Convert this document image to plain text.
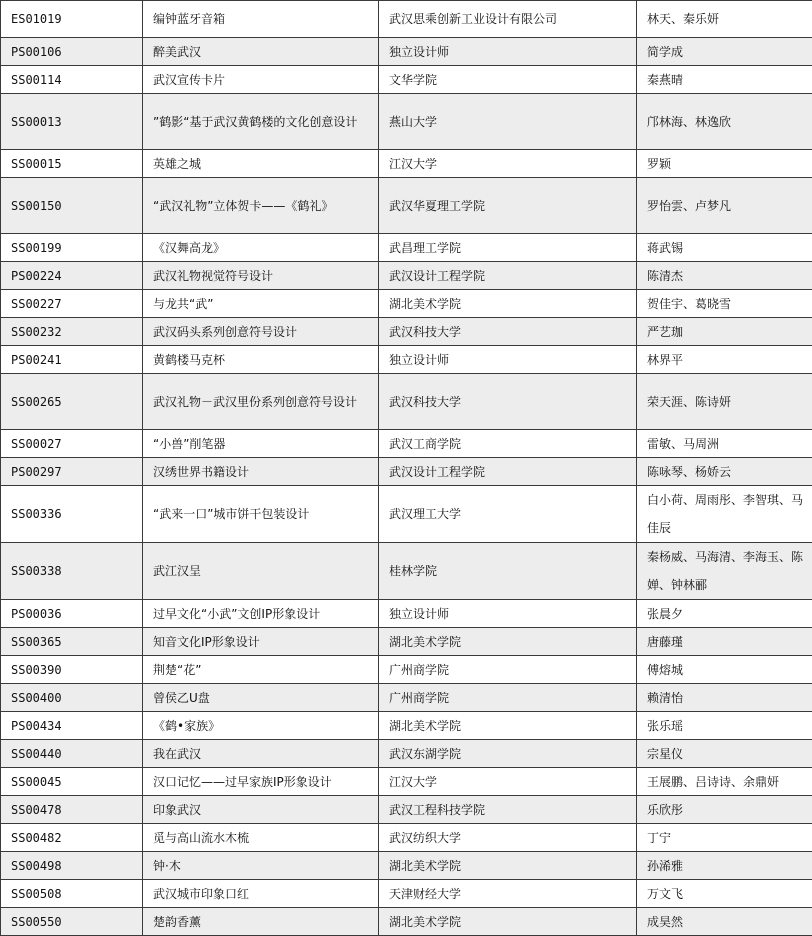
ES01019	编钟蓝牙音箱	武汉思乘创新工业设计有限公司	林天、秦乐妍
PS00106	醉美武汉	独立设计师	简学成
SS00114	武汉宣传卡片	文华学院	秦燕晴
SS00013	”鹤影“基于武汉黄鹤楼的文化创意设计	燕山大学	邝林海、林逸欣
SS00015	英雄之城	江汉大学	罗颖
SS00150	“武汉礼物”立体贺卡——《鹤礼》	武汉华夏理工学院	罗怡雲、卢梦凡
SS00199	《汉舞高龙》	武昌理工学院	蒋武锡
PS00224	武汉礼物视觉符号设计	武汉设计工程学院	陈清杰
SS00227	与龙共“武”	湖北美术学院	贺佳宇、葛晓雪
SS00232	武汉码头系列创意符号设计	武汉科技大学	严艺珈
PS00241	黄鹤楼马克杯	独立设计师	林界平
SS00265	武汉礼物－武汉里份系列创意符号设计	武汉科技大学	荣天涯、陈诗妍
SS00027	“小兽”削笔器	武汉工商学院	雷敏、马周洲
PS00297	汉绣世界书籍设计	武汉设计工程学院	陈咏琴、杨娇云
SS00336	“武来一口”城市饼干包装设计	武汉理工大学	白小荷、周雨彤、李智琪、马佳辰
SS00338	武江汉呈	桂林学院	秦杨威、马海清、李海玉、陈婵、钟林郦
PS00036	过早文化“小武”文创IP形象设计	独立设计师	张晨夕
SS00365	知音文化IP形象设计	湖北美术学院	唐藤瑾
SS00390	荆楚“花”	广州商学院	傅熔城
SS00400	曾侯乙U盘	广州商学院	赖清怡
PS00434	《鹤•家族》	湖北美术学院	张乐瑶
SS00440	我在武汉	武汉东湖学院	宗星仪
SS00045	汉口记忆——过早家族IP形象设计	江汉大学	王展鹏、吕诗诗、余鼎妍
SS00478	印象武汉	武汉工程科技学院	乐欣彤
SS00482	觅与高山流水木梳	武汉纺织大学	丁宁
SS00498	钟·木	湖北美术学院	孙浠雅
SS00508	武汉城市印象口红	天津财经大学	万文飞
SS00550	楚韵香薰	湖北美术学院	成昊然
